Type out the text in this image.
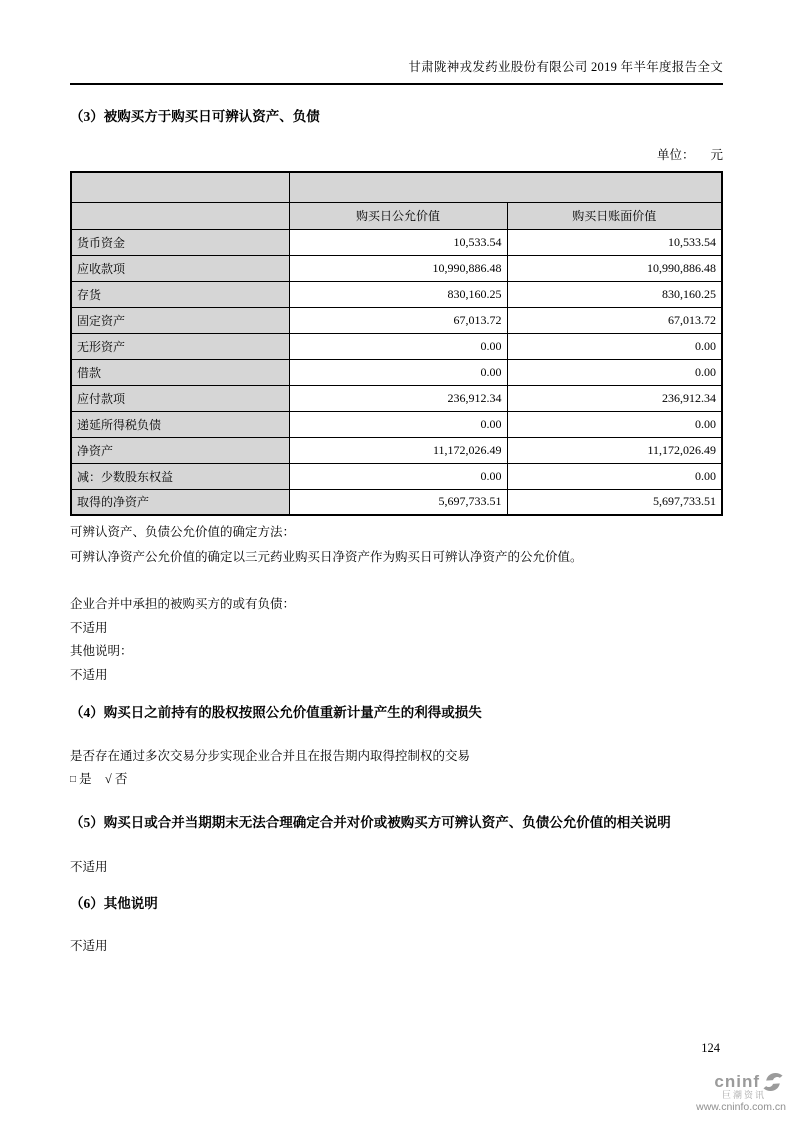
甘肃陇神戎发药业股份有限公司 2019 年半年度报告全文
（3）被购买方于购买日可辨认资产、负债
单位： 元

	购买日公允价值	购买日账面价值
货币资金	10,533.54	10,533.54
应收款项	10,990,886.48	10,990,886.48
存货	830,160.25	830,160.25
固定资产	67,013.72	67,013.72
无形资产	0.00	0.00
借款	0.00	0.00
应付款项	236,912.34	236,912.34
递延所得税负债	0.00	0.00
净资产	11,172,026.49	11,172,026.49
减：少数股东权益	0.00	0.00
取得的净资产	5,697,733.51	5,697,733.51
可辨认资产、负债公允价值的确定方法：
可辨认净资产公允价值的确定以三元药业购买日净资产作为购买日可辨认净资产的公允价值。
企业合并中承担的被购买方的或有负债：
不适用
其他说明：
不适用
（4）购买日之前持有的股权按照公允价值重新计量产生的利得或损失
是否存在通过多次交易分步实现企业合并且在报告期内取得控制权的交易
□ 是 √ 否
（5）购买日或合并当期期末无法合理确定合并对价或被购买方可辨认资产、负债公允价值的相关说明
不适用
（6）其他说明
不适用
124
cninf
巨潮资讯
www.cninfo.com.cn
